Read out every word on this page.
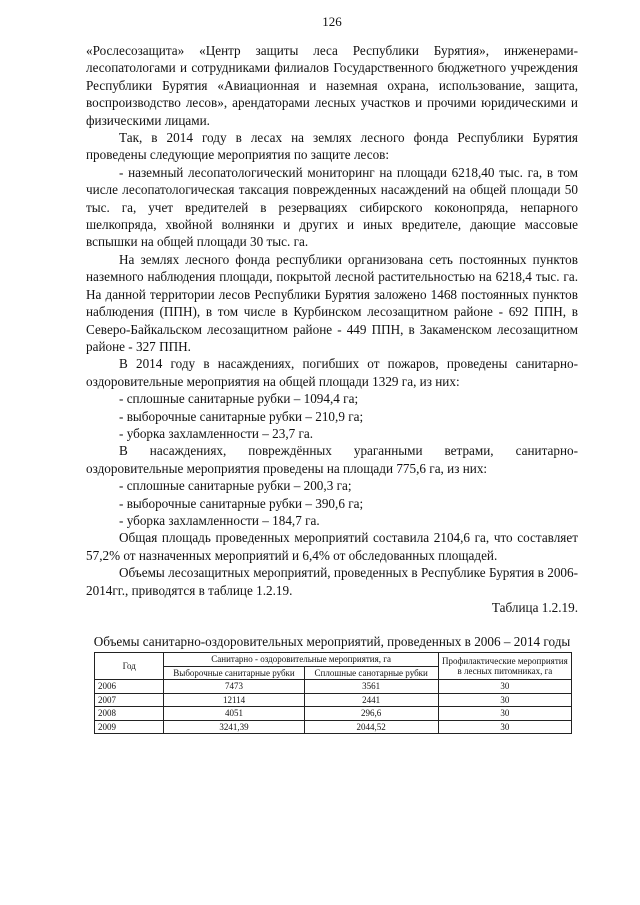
126

«Рослесозащита» «Центр защиты леса Республики Бурятия», инженерами-лесопатологами и сотрудниками филиалов Государственного бюджетного учреждения Республики Бурятия «Авиационная и наземная охрана, использование, защита, воспроизводство лесов», арендаторами лесных участков и прочими юридическими и физическими лицами.

Так, в 2014 году в лесах на землях лесного фонда Республики Бурятия проведены следующие мероприятия по защите лесов:

- наземный лесопатологический мониторинг на площади 6218,40 тыс. га, в том числе лесопатологическая таксация поврежденных насаждений на общей площади 50 тыс. га, учет вредителей в резервациях сибирского коконопряда, непарного шелкопряда, хвойной волнянки и других и иных вредителе, дающие массовые вспышки на общей площади 30 тыс. га.

На землях лесного фонда республики организована сеть постоянных пунктов наземного наблюдения площади, покрытой лесной растительностью на 6218,4 тыс. га. На данной территории лесов Республики Бурятия заложено 1468 постоянных пунктов наблюдения (ППН), в том числе в Курбинском лесозащитном районе - 692 ППН, в Северо-Байкальском лесозащитном районе - 449 ППН, в Закаменском лесозащитном районе - 327 ППН.

В 2014 году в насаждениях, погибших от пожаров, проведены санитарно-оздоровительные мероприятия на общей площади 1329 га, из них:

- сплошные санитарные рубки – 1094,4 га;

- выборочные санитарные рубки – 210,9 га;

- уборка захламленности – 23,7 га.

В насаждениях, повреждённых ураганными ветрами, санитарно-оздоровительные мероприятия проведены на площади 775,6 га, из них:

- сплошные санитарные рубки – 200,3 га;

- выборочные санитарные рубки – 390,6 га;

- уборка захламленности – 184,7 га.

Общая площадь проведенных мероприятий составила 2104,6 га, что составляет 57,2% от назначенных мероприятий и 6,4% от обследованных площадей.

Объемы лесозащитных мероприятий, проведенных в Республике Бурятия в 2006-2014гг., приводятся в таблице 1.2.19.

Таблица 1.2.19.
Объемы санитарно-оздоровительных мероприятий, проведенных в 2006 – 2014 годы
Год	Санитарно - оздоровительные мероприятия, га		Профилактические мероприятия в лесных питомниках, га
	Выборочные санитарные рубки	Сплошные санотарные рубки	
2006	7473	3561	30
2007	12114	2441	30
2008	4051	296,6	30
2009	3241,39	2044,52	30
